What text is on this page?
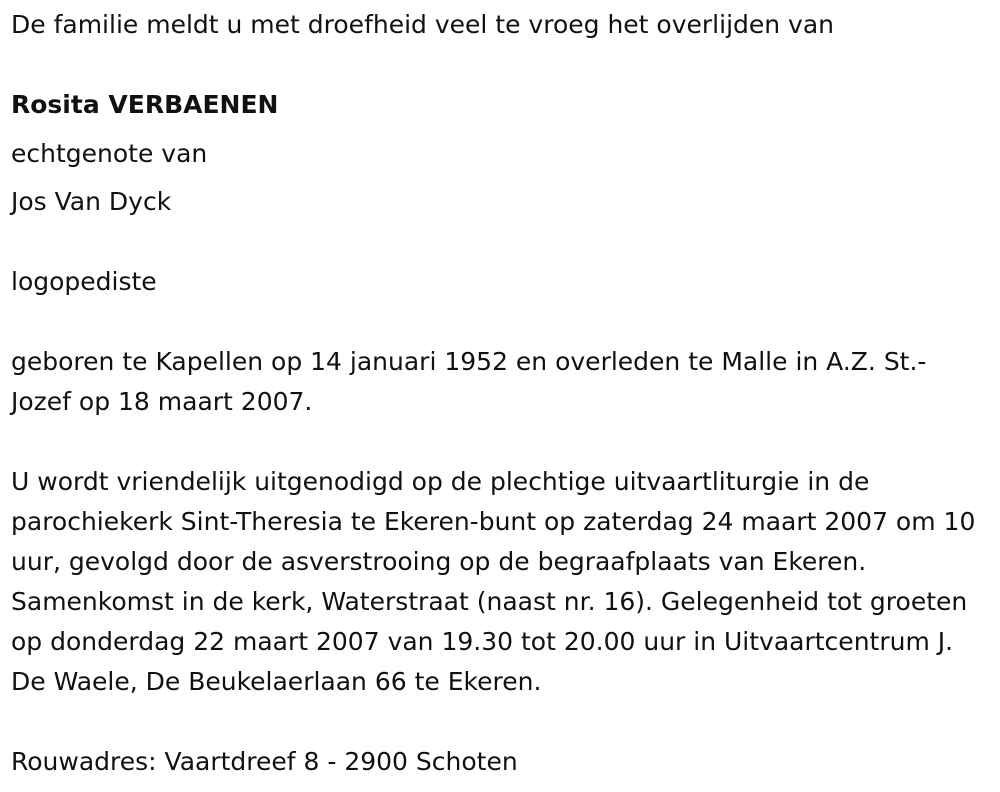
De familie meldt u met droefheid veel te vroeg het overlijden van
Rosita VERBAENEN
echtgenote van
Jos Van Dyck
logopediste
geboren te Kapellen op 14 januari 1952 en overleden te Malle in A.Z. St.-Jozef op 18 maart 2007.
U wordt vriendelijk uitgenodigd op de plechtige uitvaartliturgie in de parochiekerk Sint-Theresia te Ekeren-bunt op zaterdag 24 maart 2007 om 10 uur, gevolgd door de asverstrooing op de begraafplaats van Ekeren. Samenkomst in de kerk, Waterstraat (naast nr. 16). Gelegenheid tot groeten op donderdag 22 maart 2007 van 19.30 tot 20.00 uur in Uitvaartcentrum J. De Waele, De Beukelaerlaan 66 te Ekeren.
Rouwadres: Vaartdreef 8 - 2900 Schoten
